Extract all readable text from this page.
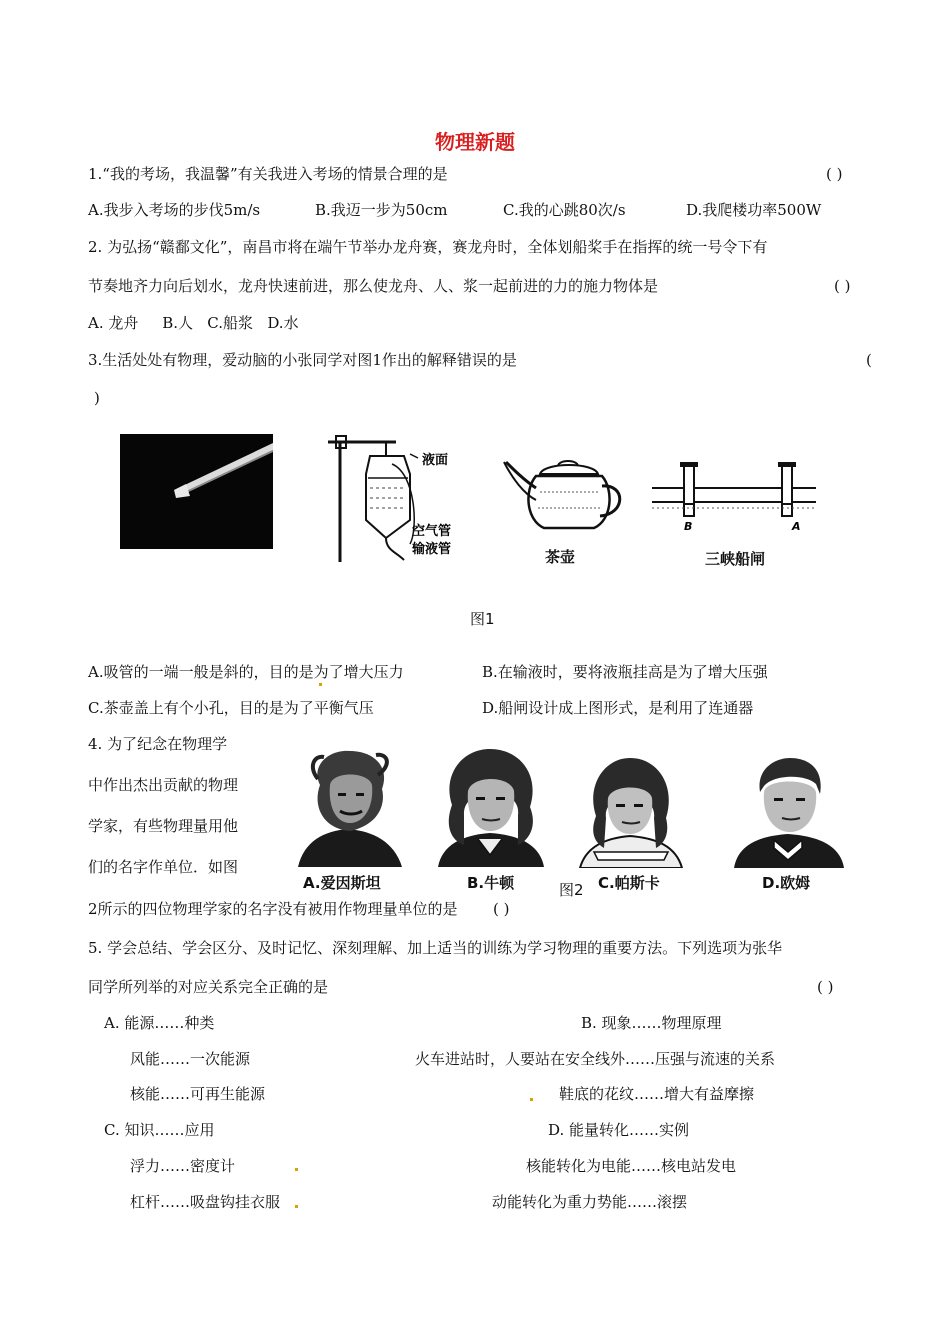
物理新题
1.“我的考场，我温馨”有关我进入考场的情景合理的是	( )
A.我步入考场的步伐5m/s	B.我迈一步为50cm	C.我的心跳80次/s	D.我爬楼功率500W
2. 为弘扬“赣鄱文化”，南昌市将在端午节举办龙舟赛，赛龙舟时，全体划船桨手在指挥的统一号令下有
节奏地齐力向后划水，龙舟快速前进，那么使龙舟、人、浆一起前进的力的施力物体是	( )
A. 龙舟     B.人   C.船浆   D.水
3.生活处处有物理，爱动脑的小张同学对图1作出的解释错误的是	(
)
液面
空气管
输液管	茶壶
B	A
三峡船闸
图1
A.吸管的一端一般是斜的，目的是为了增大压力	B.在输液时，要将液瓶挂高是为了增大压强
C.茶壶盖上有个小孔，目的是为了平衡气压	D.船闸设计成上图形式，是利用了连通器
4. 为了纪念在物理学
中作出杰出贡献的物理
学家，有些物理量用他
们的名字作单位．如图
2所示的四位物理学家的名字没有被用作物理量单位的是 ( )
A.爱因斯坦	B.牛顿	C.帕斯卡	D.欧姆
图2
5. 学会总结、学会区分、及时记忆、深刻理解、加上适当的训练为学习物理的重要方法。下列选项为张华
同学所列举的对应关系完全正确的是	( )
A. 能源……种类
风能……一次能源
核能……可再生能源
B. 现象……物理原理
火车进站时，人要站在安全线外……压强与流速的关系
鞋底的花纹……增大有益摩擦
C. 知识……应用
浮力……密度计
杠杆……吸盘钩挂衣服
D. 能量转化……实例
核能转化为电能……核电站发电
动能转化为重力势能……滚摆
